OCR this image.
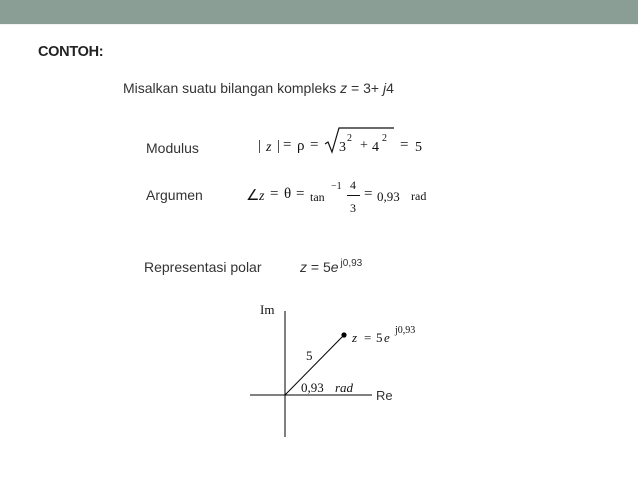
CONTOH:
Misalkan suatu bilangan kompleks z = 3+ j4
Modulus	| z | = ρ = 3
2 + 4
2 = 5
Argumen	∠ z = θ = tan
−1 4
3
= 0,93 rad
Representasi polar	z = 5e $^{j0,93}$
Im
Re
5
0,93 rad
z = 5 e j0,93
